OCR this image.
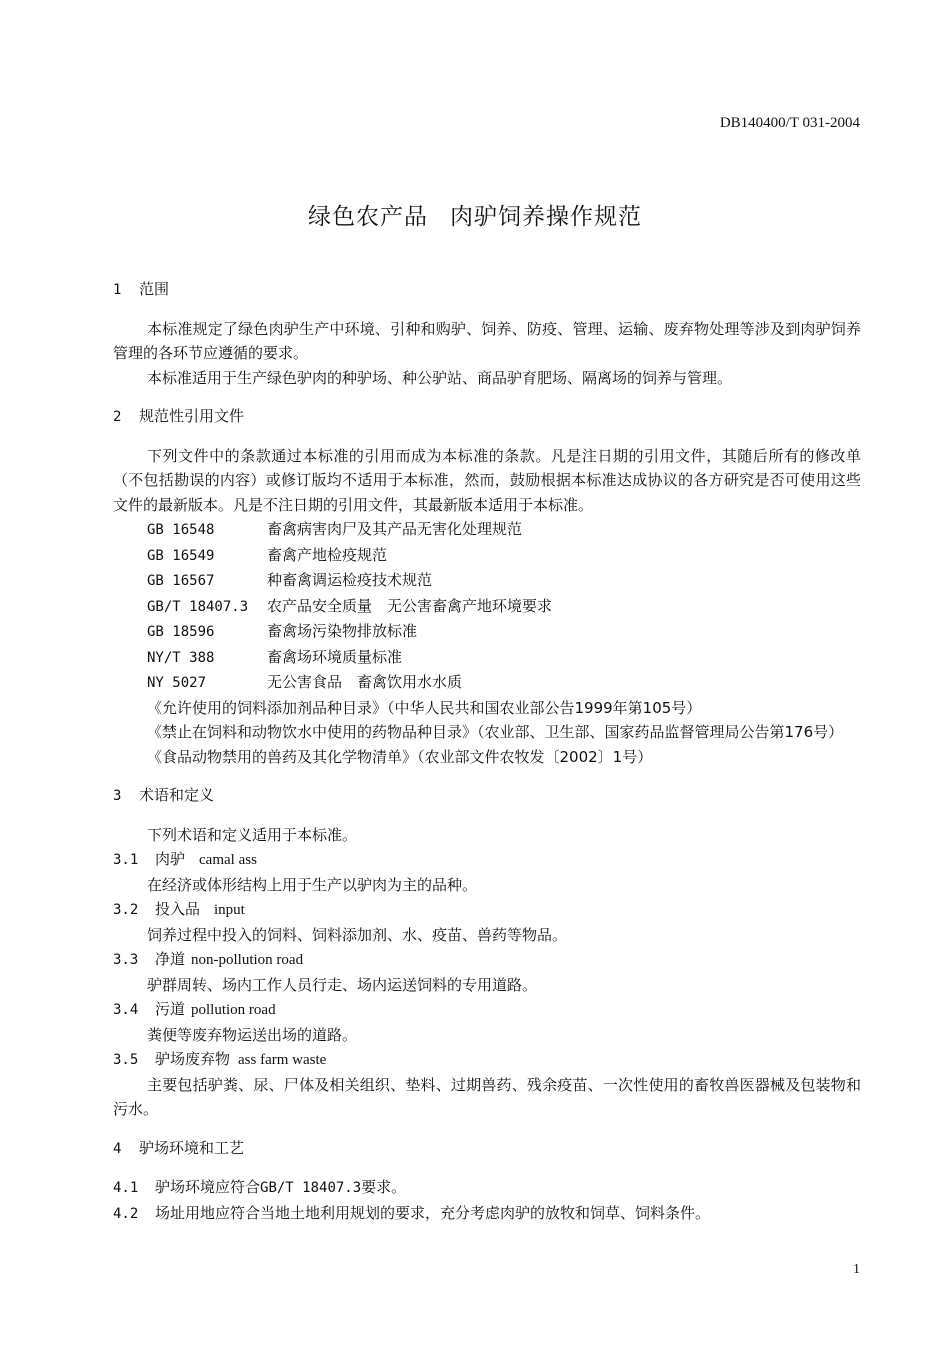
DB140400/T 031-2004
绿色农产品 肉驴饲养操作规范
1 范围

本标准规定了绿色肉驴生产中环境、引种和购驴、饲养、防疫、管理、运输、废弃物处理等涉及到肉驴饲养管理的各环节应遵循的要求。

本标准适用于生产绿色驴肉的种驴场、种公驴站、商品驴育肥场、隔离场的饲养与管理。

2 规范性引用文件

下列文件中的条款通过本标准的引用而成为本标准的条款。凡是注日期的引用文件，其随后所有的修改单（不包括勘误的内容）或修订版均不适用于本标准，然而，鼓励根据本标准达成协议的各方研究是否可使用这些文件的最新版本。凡是不注日期的引用文件，其最新版本适用于本标准。

GB 16548	畜禽病害肉尸及其产品无害化处理规范
GB 16549	畜禽产地检疫规范
GB 16567	种畜禽调运检疫技术规范
GB/T 18407.3 农产品安全质量　无公害畜禽产地环境要求
GB 18596	畜禽场污染物排放标准
NY/T 388	畜禽场环境质量标准
NY 5027	无公害食品　畜禽饮用水水质

《允许使用的饲料添加剂品种目录》（中华人民共和国农业部公告1999年第105号）

《禁止在饲料和动物饮水中使用的药物品种目录》（农业部、卫生部、国家药品监督管理局公告第176号）

《食品动物禁用的兽药及其化学物清单》（农业部文件农牧发〔2002〕1号）

3 术语和定义

下列术语和定义适用于本标准。

3.1 肉驴 camal ass

在经济或体形结构上用于生产以驴肉为主的品种。

3.2 投入品 input

饲养过程中投入的饲料、饲料添加剂、水、疫苗、兽药等物品。

3.3 净道 non-pollution road

驴群周转、场内工作人员行走、场内运送饲料的专用道路。

3.4 污道 pollution road

粪便等废弃物运送出场的道路。

3.5 驴场废弃物 ass farm waste

主要包括驴粪、尿、尸体及相关组织、垫料、过期兽药、残余疫苗、一次性使用的畜牧兽医器械及包装物和污水。

4 驴场环境和工艺
4.1 驴场环境应符合GB/T 18407.3要求。
4.2 场址用地应符合当地土地利用规划的要求，充分考虑肉驴的放牧和饲草、饲料条件。
1
